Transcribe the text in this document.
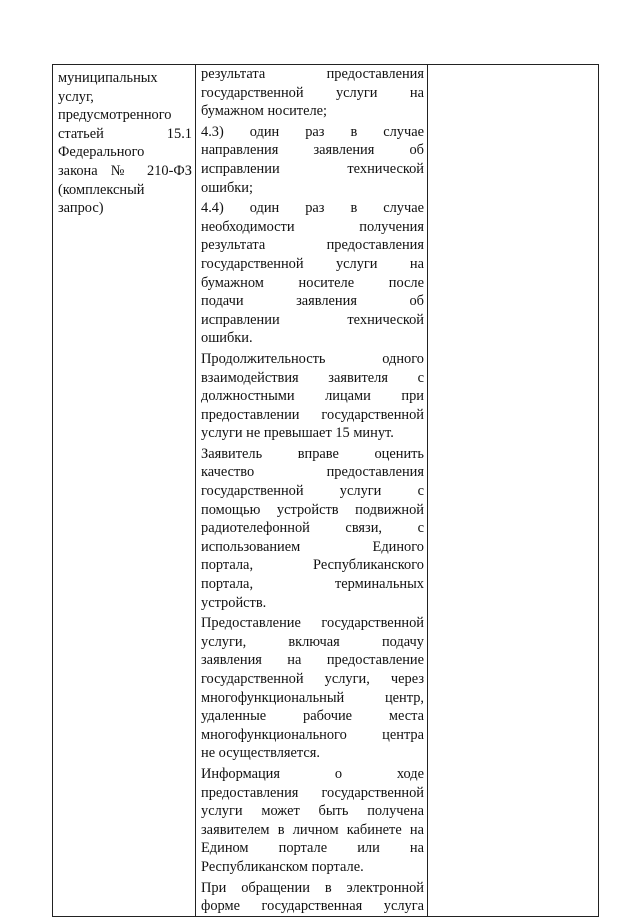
муниципальных
услуг,
предусмотренного
статьей 15.1
Федерального
закона № 210-ФЗ
(комплексный
запрос)

результата предоставления
государственной услуги на
бумажном носителе;
4.3) один раз в случае
направления заявления об
исправлении технической
ошибки;
4.4) один раз в случае
необходимости получения
результата предоставления
государственной услуги на
бумажном носителе после
подачи заявления об
исправлении технической
ошибки.
Продолжительность одного
взаимодействия заявителя с
должностными лицами при
предоставлении государственной
услуги не превышает 15 минут.
Заявитель вправе оценить
качество предоставления
государственной услуги с
помощью устройств подвижной
радиотелефонной связи, с
использованием Единого
портала, Республиканского
портала, терминальных
устройств.
Предоставление государственной
услуги, включая подачу
заявления на предоставление
государственной услуги, через
многофункциональный центр,
удаленные рабочие места
многофункционального центра
не осуществляется.
Информация о ходе
предоставления государственной
услуги может быть получена
заявителем в личном кабинете на
Едином портале или на
Республиканском портале.
При обращении в электронной
форме государственная услуга
